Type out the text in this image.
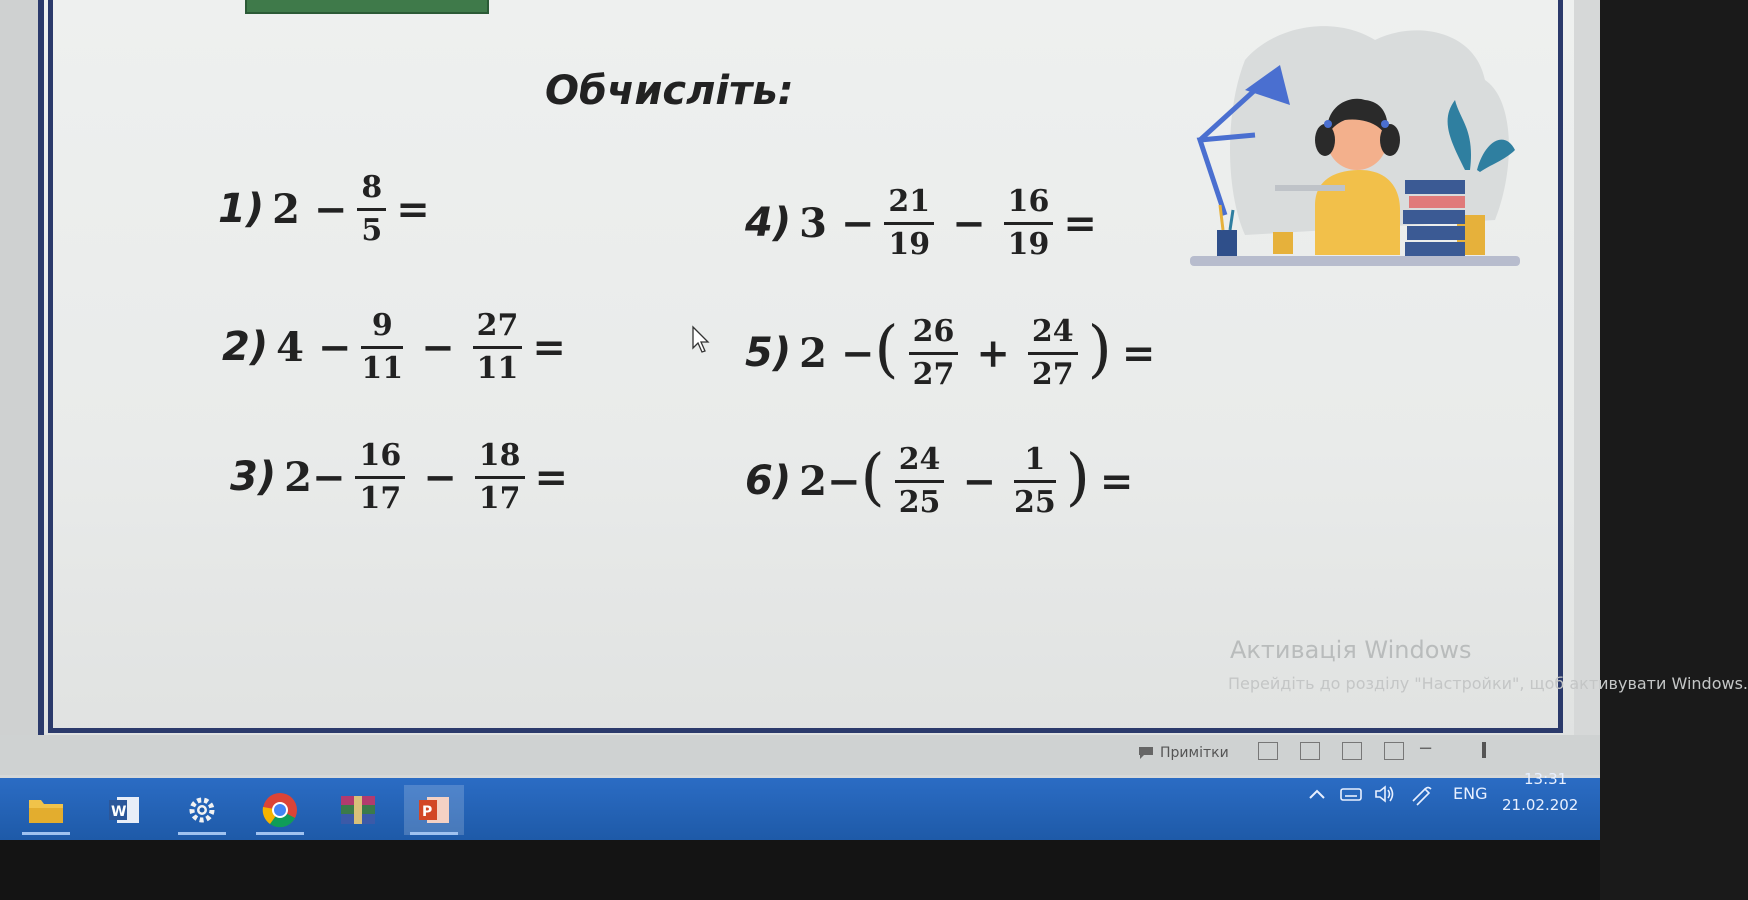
Обчисліть:
1) $2 - \frac{8}{5}$ =
2) $4 - \frac{9}{11} - \frac{27}{11}$ =
3) $2- \frac{16}{17} - \frac{18}{17}$ =
4) $3 - \frac{21}{19} - \frac{16}{19}$ =
5) 2 − ( $\frac{26}{27} + \frac{24}{27}$ ) =
6) 2− ( $\frac{24}{25} - \frac{1}{25}$ ) =
Активація Windows
Перейдіть до розділу "Настройки", щоб активувати Windows.
Примітки	−
W	P
ENG
13:31
21.02.202
